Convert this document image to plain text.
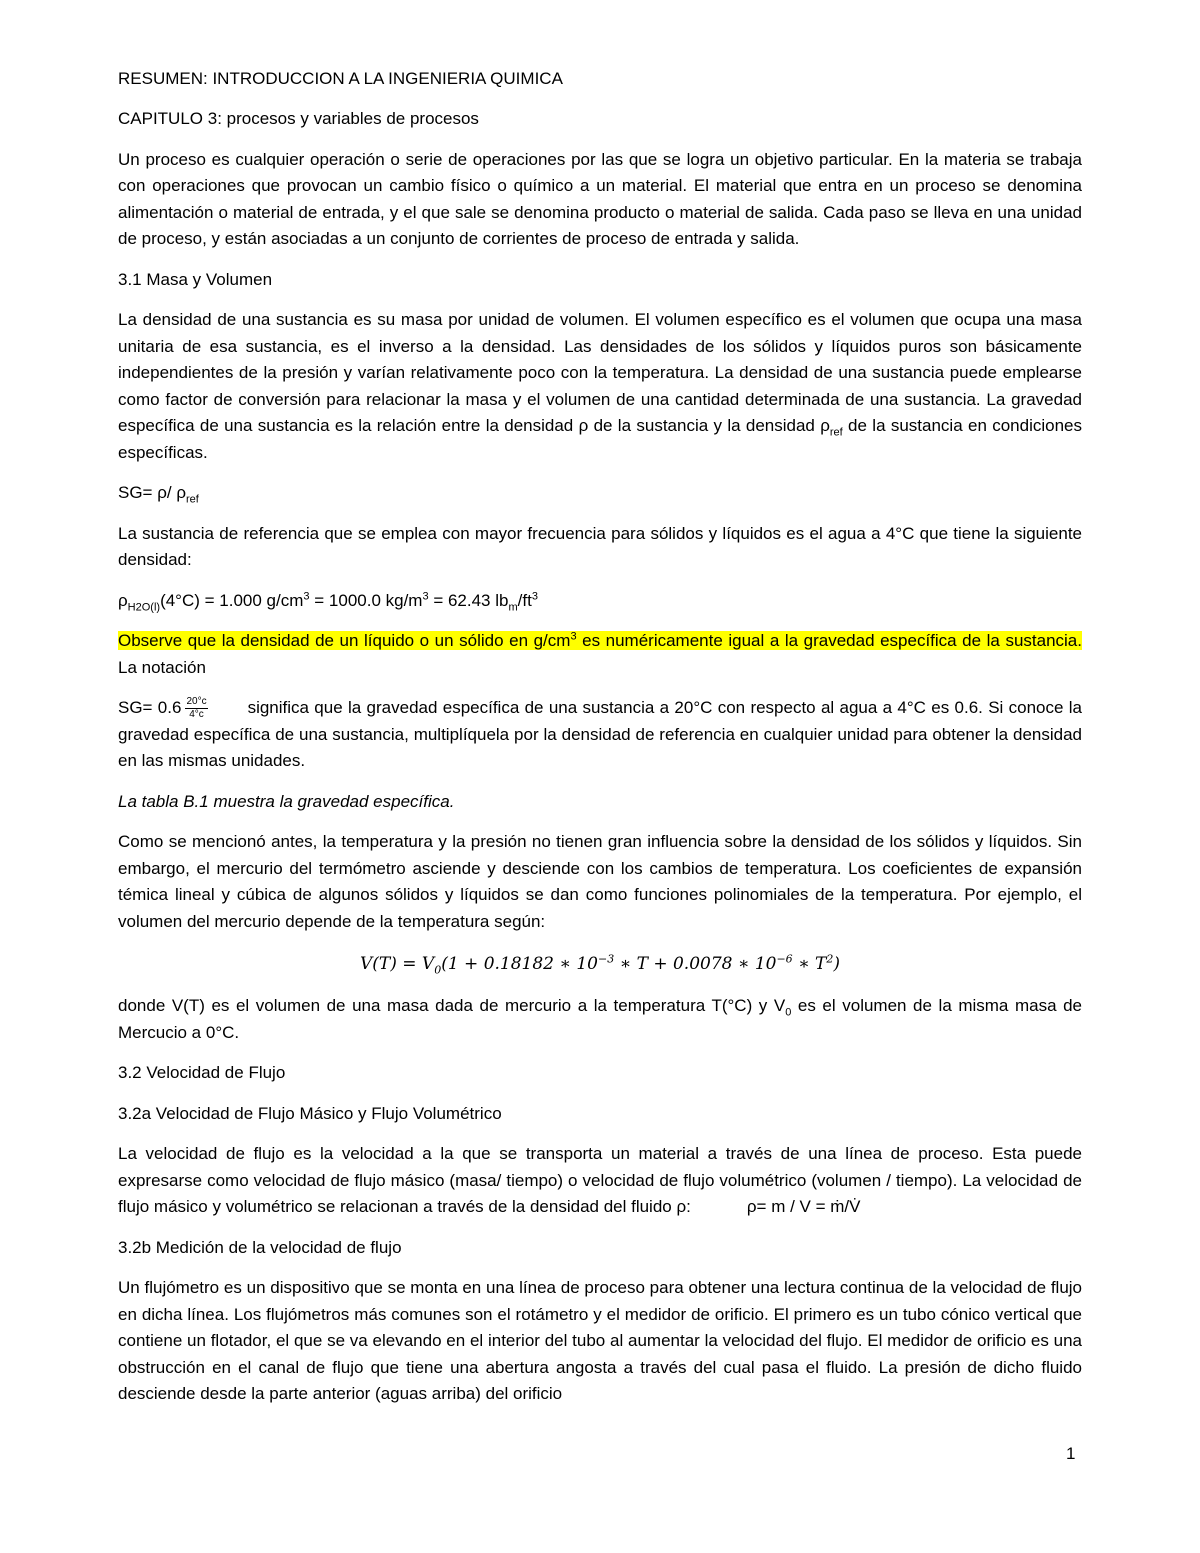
RESUMEN: INTRODUCCION A LA INGENIERIA QUIMICA

CAPITULO 3: procesos y variables de procesos

Un proceso es cualquier operación o serie de operaciones por las que se logra un objetivo particular. En la materia se trabaja con operaciones que provocan un cambio físico o químico a un material. El material que entra en un proceso se denomina alimentación o material de entrada, y el que sale se denomina producto o material de salida. Cada paso se lleva en una unidad de proceso, y están asociadas a un conjunto de corrientes de proceso de entrada y salida.

3.1 Masa y Volumen

La densidad de una sustancia es su masa por unidad de volumen. El volumen específico es el volumen que ocupa una masa unitaria de esa sustancia, es el inverso a la densidad. Las densidades de los sólidos y líquidos puros son básicamente independientes de la presión y varían relativamente poco con la temperatura. La densidad de una sustancia puede emplearse como factor de conversión para relacionar la masa y el volumen de una cantidad determinada de una sustancia. La gravedad específica de una sustancia es la relación entre la densidad ρ de la sustancia y la densidad $\rho_{ref}$ de la sustancia en condiciones específicas.

SG= ρ/ $\rho_{ref}$

La sustancia de referencia que se emplea con mayor frecuencia para sólidos y líquidos es el agua a 4°C que tiene la siguiente densidad:

$\rho_{H2O(l)}(4^\circ C) = 1.000$ $g/cm^3 = 1000.0$ $kg/m^3 = 62.43$ $lb_m/ft^3$

Observe que la densidad de un líquido o un sólido en $g/cm^3$ es numéricamente igual a la gravedad específica de la sustancia. La notación

$SG= 0.6 \frac{20^\circ c}{4^\circ c}$ significa que la gravedad específica de una sustancia a 20°C con respecto al agua a 4°C es 0.6. Si conoce la gravedad específica de una sustancia, multiplíquela por la densidad de referencia en cualquier unidad para obtener la densidad en las mismas unidades.

La tabla B.1 muestra la gravedad específica.

Como se mencionó antes, la temperatura y la presión no tienen gran influencia sobre la densidad de los sólidos y líquidos. Sin embargo, el mercurio del termómetro asciende y desciende con los cambios de temperatura. Los coeficientes de expansión témica lineal y cúbica de algunos sólidos y líquidos se dan como funciones polinomiales de la temperatura. Por ejemplo, el volumen del mercurio depende de la temperatura según:

$V(T) = V_0(1 + 0.18182$ ∗ $10^{-3}$ ∗ T + 0.0078 ∗ $10^{-6}$ ∗ $T^2$)

donde V(T) es el volumen de una masa dada de mercurio a la temperatura T(°C) y $V_0$ es el volumen de la misma masa de Mercucio a 0°C.

3.2 Velocidad de Flujo

3.2a Velocidad de Flujo Másico y Flujo Volumétrico

La velocidad de flujo es la velocidad a la que se transporta un material a través de una línea de proceso. Esta puede expresarse como velocidad de flujo másico (masa/ tiempo) o velocidad de flujo volumétrico (volumen / tiempo). La velocidad de flujo másico y volumétrico se relacionan a través de la densidad del fluido ρ:	ρ= m / V = ṁ/V̇

3.2b Medición de la velocidad de flujo

Un flujómetro es un dispositivo que se monta en una línea de proceso para obtener una lectura continua de la velocidad de flujo en dicha línea. Los flujómetros más comunes son el rotámetro y el medidor de orificio. El primero es un tubo cónico vertical que contiene un flotador, el que se va elevando en el interior del tubo al aumentar la velocidad del flujo. El medidor de orificio es una obstrucción en el canal de flujo que tiene una abertura angosta a través del cual pasa el fluido. La presión de dicho fluido desciende desde la parte anterior (aguas arriba) del orificio

1
